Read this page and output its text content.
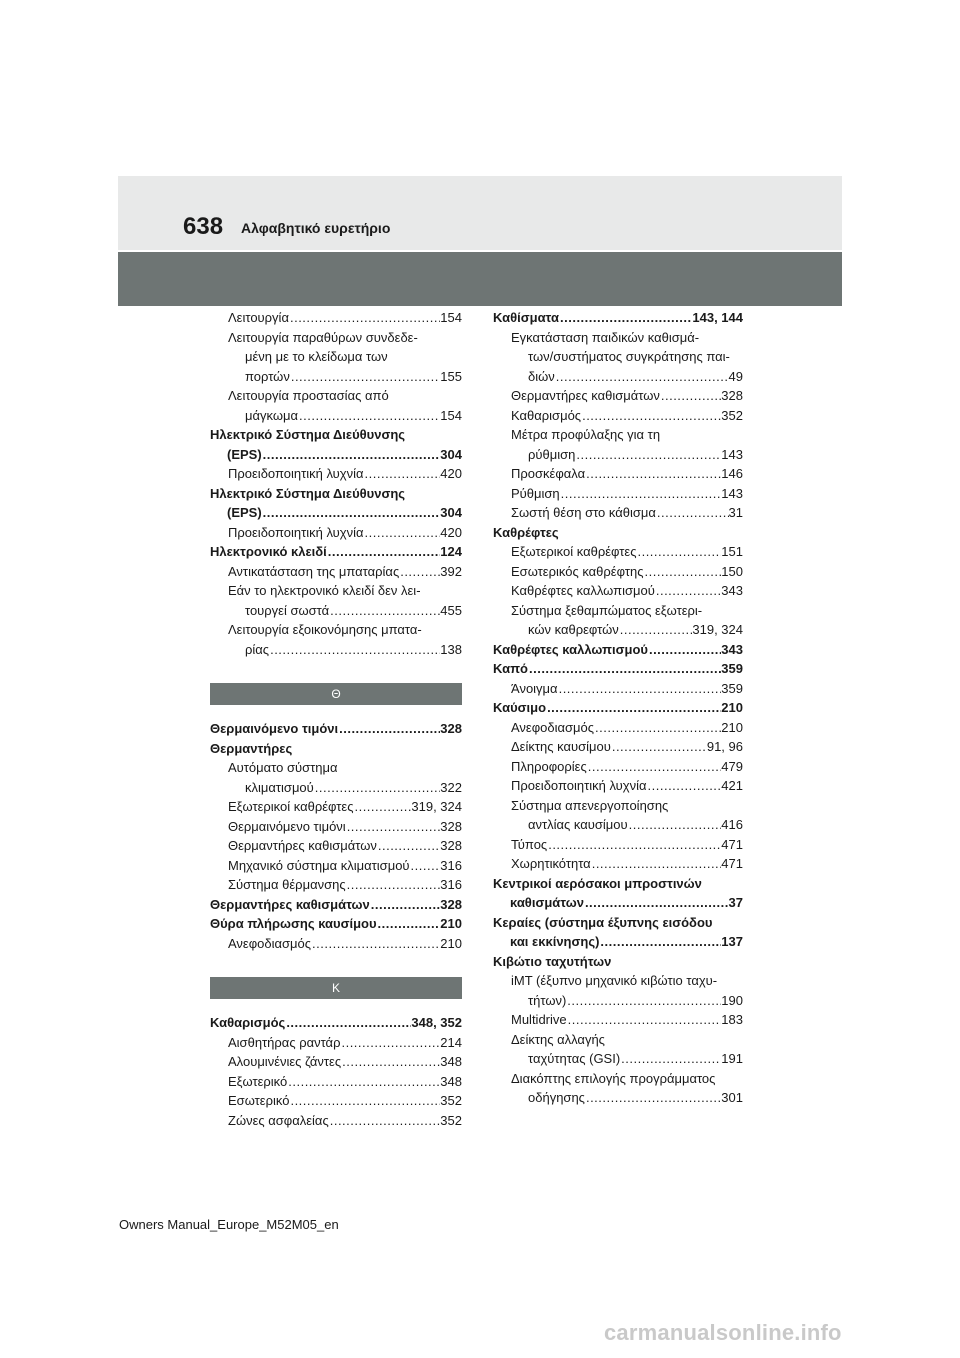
638 Αλφαβητικό ευρετήριο
Λειτουργία .....	154
Λειτουργία παραθύρων συνδεδε-
μένη με το κλείδωμα των
πορτών .....	155
Λειτουργία προστασίας από
μάγκωμα .....	154
Ηλεκτρικό Σύστημα Διεύθυνσης
(EPS) .....	304
Προειδοποιητική λυχνία .....	420
Ηλεκτρικό Σύστημα Διεύθυνσης
(EPS) .....	304
Προειδοποιητική λυχνία .....	420
Ηλεκτρονικό κλειδί .....	124
Αντικατάσταση της μπαταρίας .....	392
Εάν το ηλεκτρονικό κλειδί δεν λει-
τουργεί σωστά .....	455
Λειτουργία εξοικονόμησης μπατα-
ρίας .....	138
Θ
Θερμαινόμενο τιμόνι .....	328
Θερμαντήρες
Αυτόματο σύστημα
κλιματισμού .....	322
Εξωτερικοί καθρέφτες .....	319, 324
Θερμαινόμενο τιμόνι .....	328
Θερμαντήρες καθισμάτων .....	328
Μηχανικό σύστημα κλιματισμού ..... 316
Σύστημα θέρμανσης .....	316
Θερμαντήρες καθισμάτων .....	328
Θύρα πλήρωσης καυσίμου .....	210
Ανεφοδιασμός .....	210
Κ
Καθαρισμός .....	348, 352
Αισθητήρας ραντάρ .....	214
Αλουμινένιες ζάντες .....	348
Εξωτερικό .....	348
Εσωτερικό .....	352
Ζώνες ασφαλείας .....	352
Καθίσματα .....	143, 144
Εγκατάσταση παιδικών καθισμά-
των/συστήματος συγκράτησης παι-
διών .....	49
Θερμαντήρες καθισμάτων .....	328
Καθαρισμός .....	352
Μέτρα προφύλαξης για τη
ρύθμιση .....	143
Προσκέφαλα .....	146
Ρύθμιση .....	143
Σωστή θέση στο κάθισμα .....	31
Καθρέφτες
Εξωτερικοί καθρέφτες .....	151
Εσωτερικός καθρέφτης .....	150
Καθρέφτες καλλωπισμού .....	343
Σύστημα ξεθαμπώματος εξωτερι-
κών καθρεφτών .....	319, 324
Καθρέφτες καλλωπισμού .....	343
Καπό .....	359
Άνοιγμα .....	359
Καύσιμο .....	210
Ανεφοδιασμός .....	210
Δείκτης καυσίμου .....	91, 96
Πληροφορίες .....	479
Προειδοποιητική λυχνία .....	421
Σύστημα απενεργοποίησης
αντλίας καυσίμου .....	416
Τύπος .....	471
Χωρητικότητα .....	471
Κεντρικοί αερόσακοι μπροστινών
καθισμάτων .....	37
Κεραίες (σύστημα έξυπνης εισόδου
και εκκίνησης) .....	137
Κιβώτιο ταχυτήτων
iMT (έξυπνο μηχανικό κιβώτιο ταχυ-
τήτων) .....	190
Multidrive .....	183
Δείκτης αλλαγής
ταχύτητας (GSI) .....	191
Διακόπτης επιλογής προγράμματος
οδήγησης .....	301
Owners Manual_Europe_M52M05_en
carmanualsonline.info
